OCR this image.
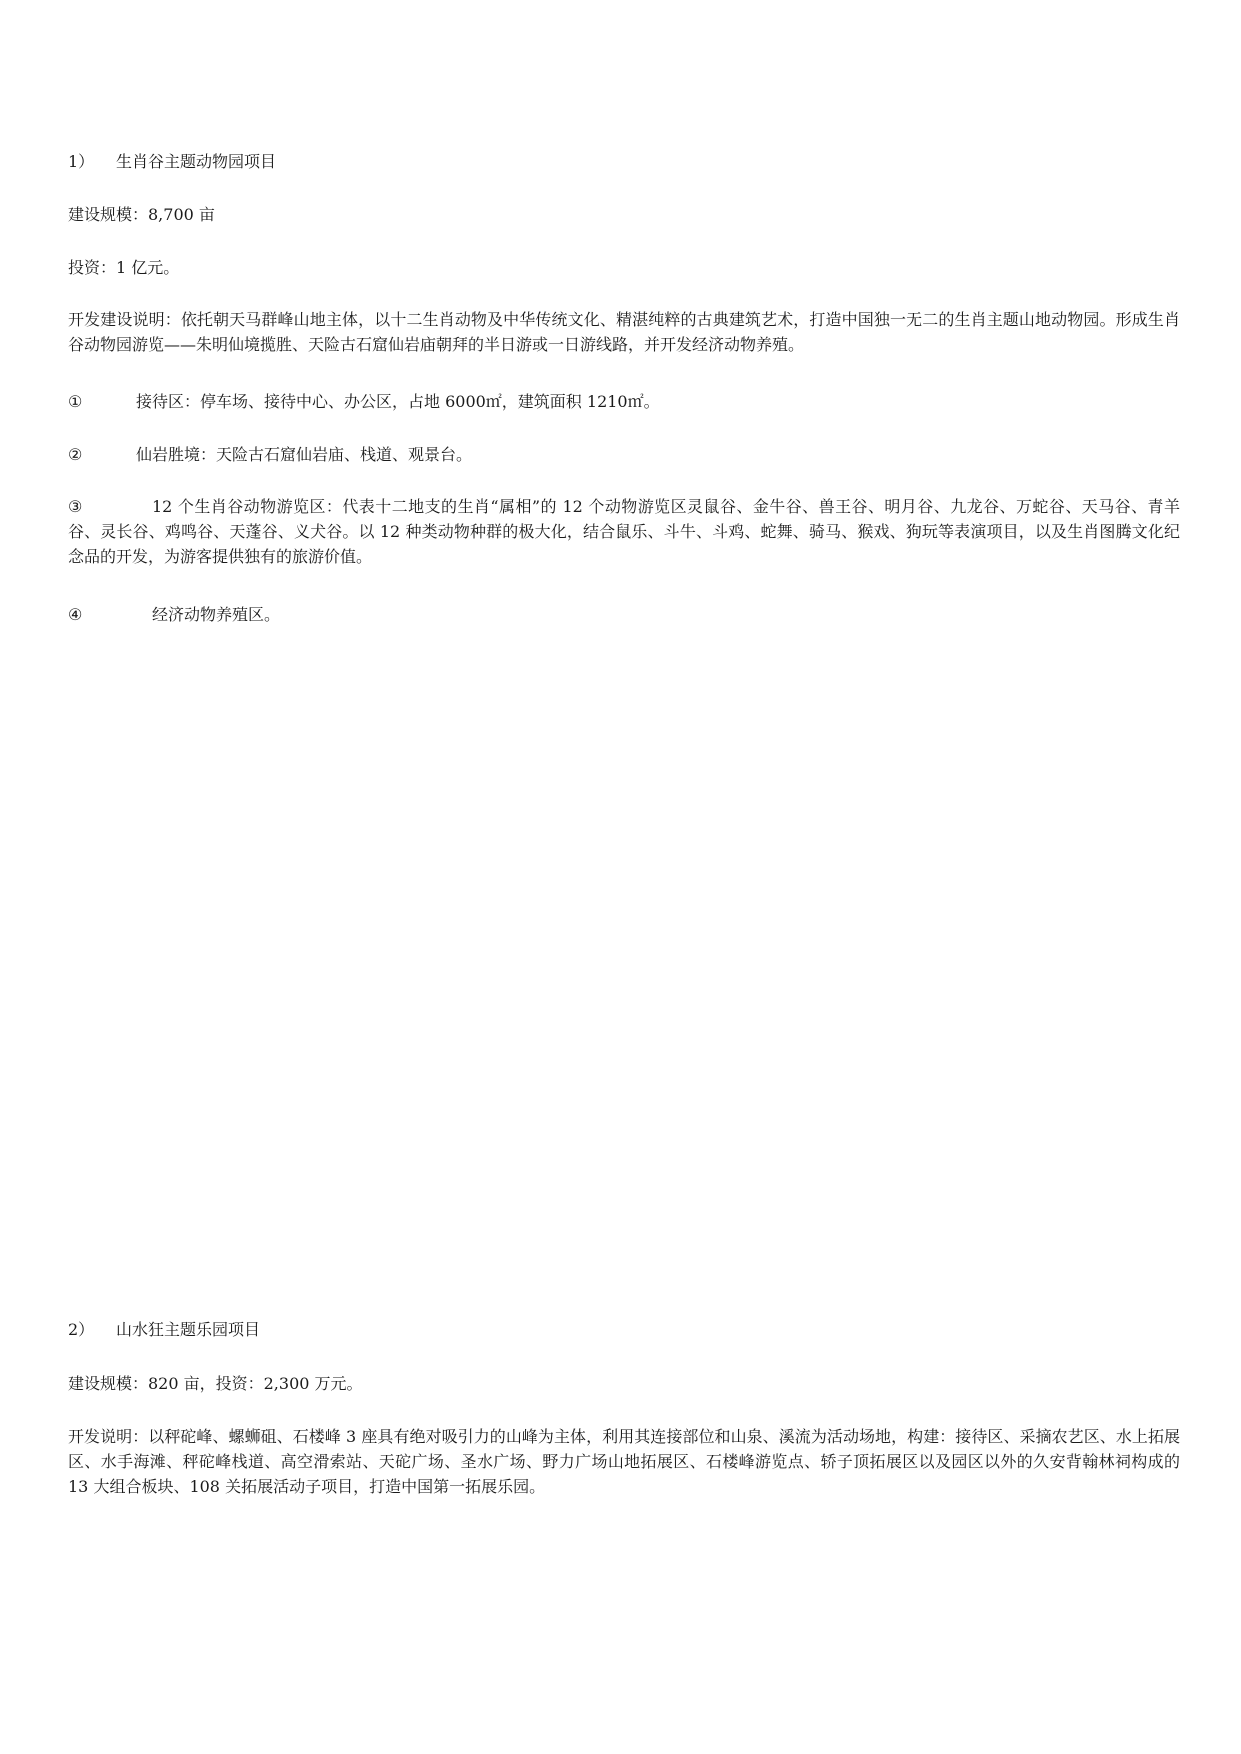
1） 生肖谷主题动物园项目
建设规模：8,700 亩
投资：1 亿元。
开发建设说明：依托朝天马群峰山地主体，以十二生肖动物及中华传统文化、精湛纯粹的古典建筑艺术，打造中国独一无二的生肖主题山地动物园。形成生肖谷动物园游览——朱明仙境揽胜、天险古石窟仙岩庙朝拜的半日游或一日游线路，并开发经济动物养殖。
①	接待区：停车场、接待中心、办公区，占地 6000㎡，建筑面积 1210㎡。
②	仙岩胜境：天险古石窟仙岩庙、栈道、观景台。
③	12 个生肖谷动物游览区：代表十二地支的生肖“属相”的 12 个动物游览区灵鼠谷、金牛谷、兽王谷、明月谷、九龙谷、万蛇谷、天马谷、青羊谷、灵长谷、鸡鸣谷、天蓬谷、义犬谷。以 12 种类动物种群的极大化，结合鼠乐、斗牛、斗鸡、蛇舞、骑马、猴戏、狗玩等表演项目，以及生肖图腾文化纪念品的开发，为游客提供独有的旅游价值。
④	经济动物养殖区。
2） 山水狂主题乐园项目
建设规模：820 亩，投资：2,300 万元。
开发说明：以秤砣峰、螺蛳砠、石楼峰 3 座具有绝对吸引力的山峰为主体，利用其连接部位和山泉、溪流为活动场地，构建：接待区、采摘农艺区、水上拓展区、水手海滩、秤砣峰栈道、高空滑索站、天砣广场、圣水广场、野力广场山地拓展区、石楼峰游览点、轿子顶拓展区以及园区以外的久安背翰林祠构成的 13 大组合板块、108 关拓展活动子项目，打造中国第一拓展乐园。
